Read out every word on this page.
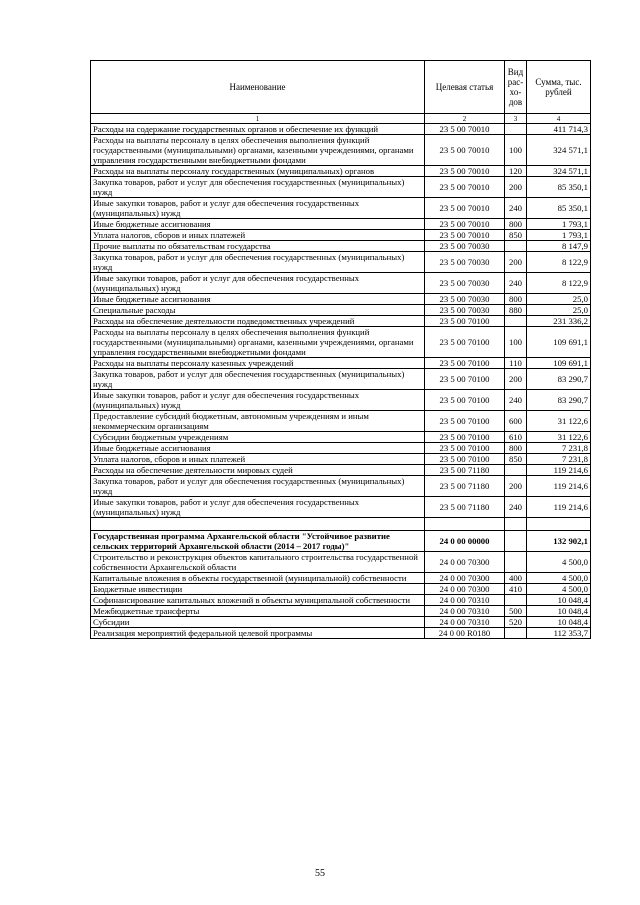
Наименование	Целевая статья	Вид рас-хо-дов	Сумма, тыс. рублей
1	2	3	4
Расходы на содержание государственных органов и обеспечение их функций	23 5 00 70010		411 714,3
Расходы на выплаты персоналу в целях обеспечения выполнения функций государственными (муниципальными) органами, казенными учреждениями, органами управления государственными внебюджетными фондами	23 5 00 70010	100	324 571,1
Расходы на выплаты персоналу государственных (муниципальных) органов	23 5 00 70010	120	324 571,1
Закупка товаров, работ и услуг для обеспечения государственных (муниципальных) нужд	23 5 00 70010	200	85 350,1
Иные закупки товаров, работ и услуг для обеспечения государственных (муниципальных) нужд	23 5 00 70010	240	85 350,1
Иные бюджетные ассигнования	23 5 00 70010	800	1 793,1
Уплата налогов, сборов и иных платежей	23 5 00 70010	850	1 793,1
Прочие выплаты по обязательствам государства	23 5 00 70030		8 147,9
Закупка товаров, работ и услуг для обеспечения государственных (муниципальных) нужд	23 5 00 70030	200	8 122,9
Иные закупки товаров, работ и услуг для обеспечения государственных (муниципальных) нужд	23 5 00 70030	240	8 122,9
Иные бюджетные ассигнования	23 5 00 70030	800	25,0
Специальные расходы	23 5 00 70030	880	25,0
Расходы на обеспечение деятельности подведомственных учреждений	23 5 00 70100		231 336,2
Расходы на выплаты персоналу в целях обеспечения выполнения функций государственными (муниципальными) органами, казенными учреждениями, органами управления государственными внебюджетными фондами	23 5 00 70100	100	109 691,1
Расходы на выплаты персоналу казенных учреждений	23 5 00 70100	110	109 691,1
Закупка товаров, работ и услуг для обеспечения государственных (муниципальных) нужд	23 5 00 70100	200	83 290,7
Иные закупки товаров, работ и услуг для обеспечения государственных (муниципальных) нужд	23 5 00 70100	240	83 290,7
Предоставление субсидий бюджетным, автономным учреждениям и иным некоммерческим организациям	23 5 00 70100	600	31 122,6
Субсидии бюджетным учреждениям	23 5 00 70100	610	31 122,6
Иные бюджетные ассигнования	23 5 00 70100	800	7 231,8
Уплата налогов, сборов и иных платежей	23 5 00 70100	850	7 231,8
Расходы на обеспечение деятельности мировых судей	23 5 00 71180		119 214,6
Закупка товаров, работ и услуг для обеспечения государственных (муниципальных) нужд	23 5 00 71180	200	119 214,6
Иные закупки товаров, работ и услуг для обеспечения государственных (муниципальных) нужд	23 5 00 71180	240	119 214,6

Государственная программа Архангельской области "Устойчивое развитие сельских территорий Архангельской области (2014 – 2017 годы)"	24 0 00 00000		132 902,1
Строительство и реконструкция объектов капитального строительства государственной собственности Архангельской области	24 0 00 70300		4 500,0
Капитальные вложения в объекты государственной (муниципальной) собственности	24 0 00 70300	400	4 500,0
Бюджетные инвестиции	24 0 00 70300	410	4 500,0
Софинансирование капитальных вложений в объекты муниципальной собственности	24 0 00 70310		10 048,4
Межбюджетные трансферты	24 0 00 70310	500	10 048,4
Субсидии	24 0 00 70310	520	10 048,4
Реализация мероприятий федеральной целевой программы	24 0 00 R0180		112 353,7
55
